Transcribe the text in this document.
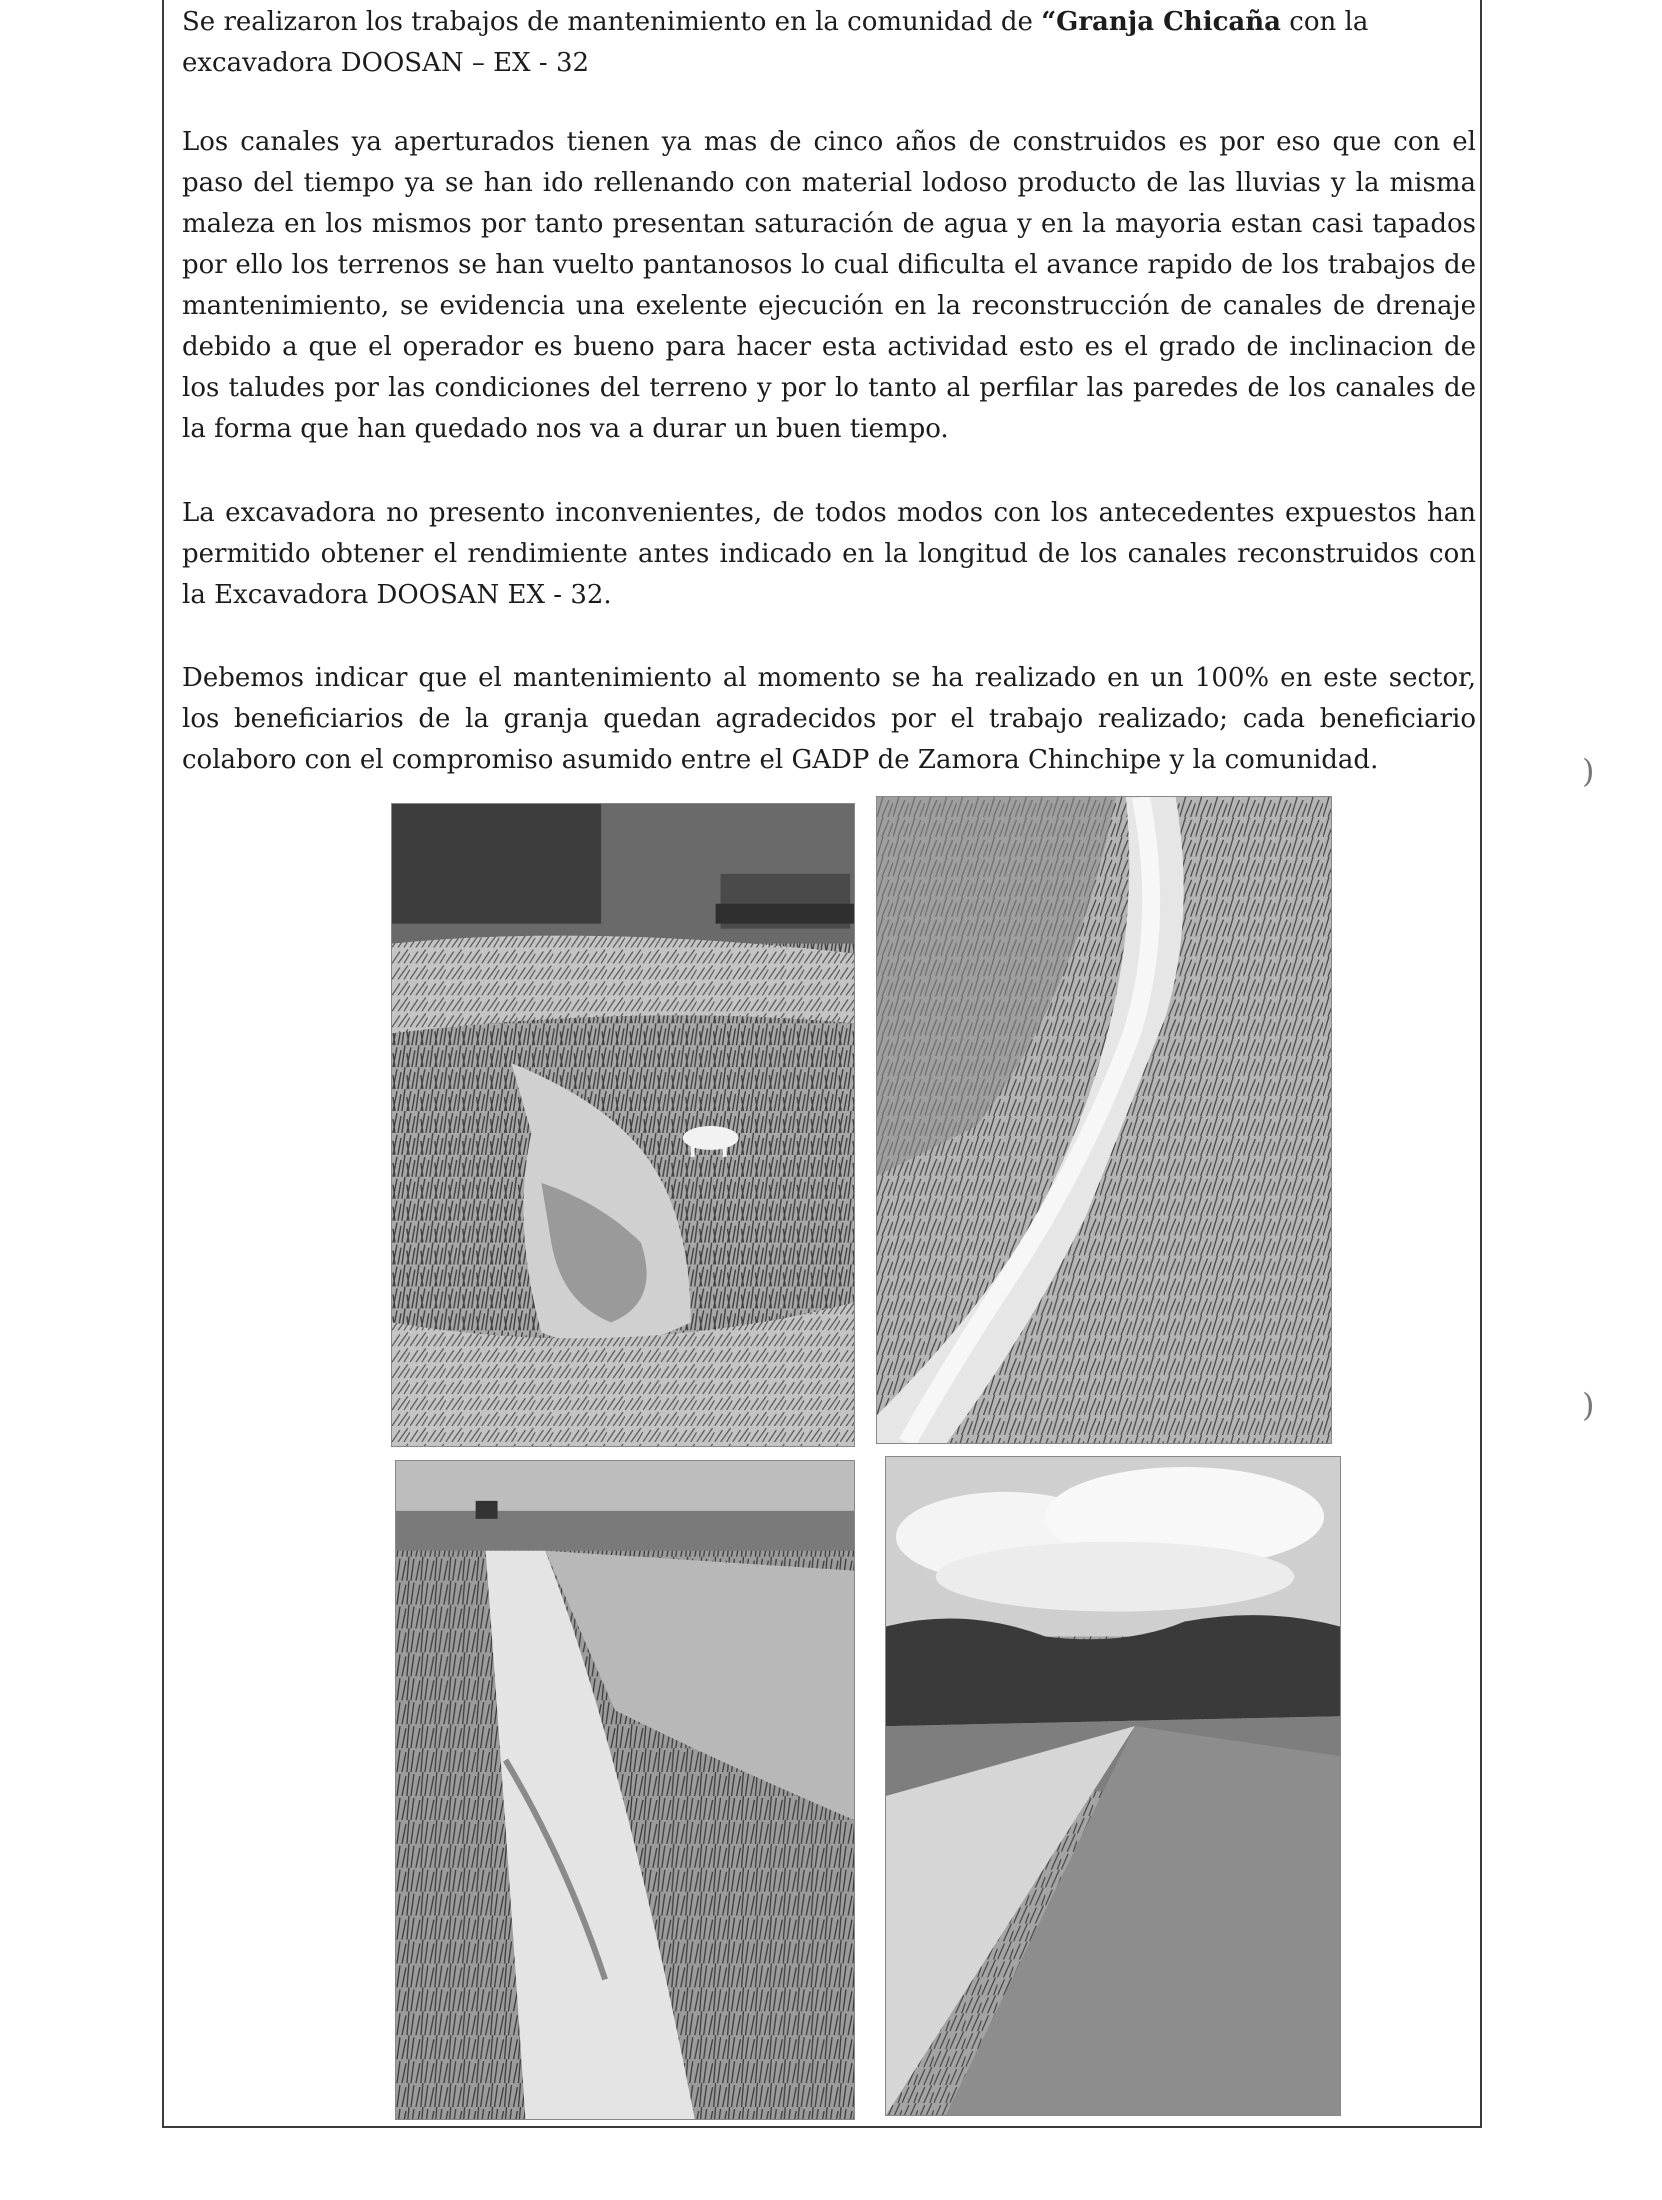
Se realizaron los trabajos de mantenimiento en la comunidad de “Granja Chicaña con la excavadora DOOSAN – EX - 32
Los canales ya aperturados tienen ya mas de cinco años de construidos es por eso que con el paso del tiempo ya se han ido rellenando con material lodoso producto de las lluvias y la misma maleza en los mismos por tanto presentan saturación de agua y en la mayoria estan casi tapados por ello los terrenos se han vuelto pantanosos lo cual dificulta el avance rapido de los trabajos de mantenimiento, se evidencia una exelente ejecución en la reconstrucción de canales de drenaje debido a que el operador es bueno para hacer esta actividad esto es el grado de inclinacion de los taludes por las condiciones del terreno y por lo tanto al perfilar las paredes de los canales de la forma que han quedado nos va a durar un buen tiempo.
La excavadora no presento inconvenientes, de todos modos con los antecedentes expuestos han permitido obtener el rendimiente antes indicado en la longitud de los canales reconstruidos con la Excavadora DOOSAN EX - 32.
Debemos indicar que el mantenimiento al momento se ha realizado en un 100% en este sector, los beneficiarios de la granja quedan agradecidos por el trabajo realizado; cada beneficiario colaboro con el compromiso asumido entre el GADP de Zamora Chinchipe y la comunidad.	)
)
